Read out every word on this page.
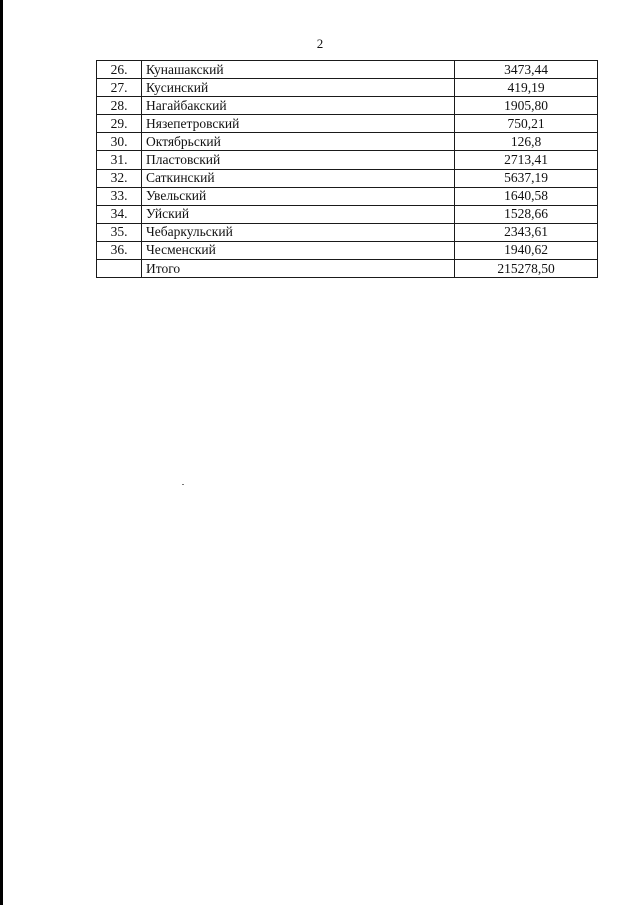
2
26.	Кунашакский	3473,44
27.	Кусинский	419,19
28.	Нагайбакский	1905,80
29.	Нязепетровский	750,21
30.	Октябрьский	126,8
31.	Пластовский	2713,41
32.	Саткинский	5637,19
33.	Увельский	1640,58
34.	Уйский	1528,66
35.	Чебаркульский	2343,61
36.	Чесменский	1940,62
	Итого	215278,50
